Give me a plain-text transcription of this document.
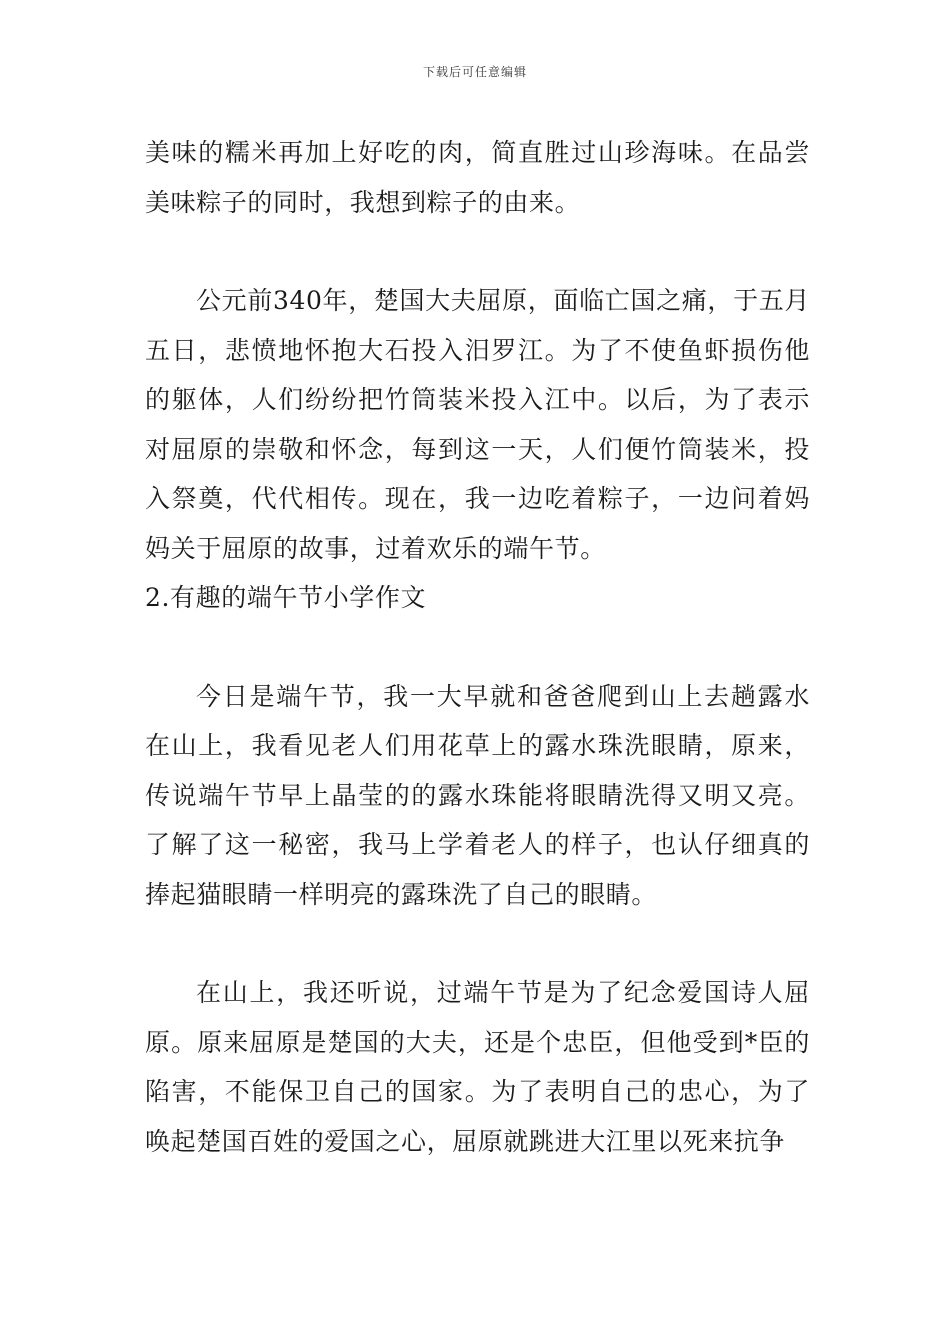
下载后可任意编辑

美味的糯米再加上好吃的肉，简直胜过山珍海味。在品尝美味粽子的同时，我想到粽子的由来。

公元前340年，楚国大夫屈原，面临亡国之痛，于五月五日，悲愤地怀抱大石投入汨罗江。为了不使鱼虾损伤他的躯体，人们纷纷把竹筒装米投入江中。以后，为了表示对屈原的崇敬和怀念，每到这一天，人们便竹筒装米，投入祭奠，代代相传。现在，我一边吃着粽子，一边问着妈妈关于屈原的故事，过着欢乐的端午节。

2.有趣的端午节小学作文

今日是端午节，我一大早就和爸爸爬到山上去趟露水在山上，我看见老人们用花草上的露水珠洗眼睛，原来，传说端午节早上晶莹的的露水珠能将眼睛洗得又明又亮。了解了这一秘密，我马上学着老人的样子，也认仔细真的捧起猫眼睛一样明亮的露珠洗了自己的眼睛。

在山上，我还听说，过端午节是为了纪念爱国诗人屈原。原来屈原是楚国的大夫，还是个忠臣，但他受到*臣的陷害，不能保卫自己的国家。为了表明自己的忠心，为了唤起楚国百姓的爱国之心，屈原就跳进大江里以死来抗争
